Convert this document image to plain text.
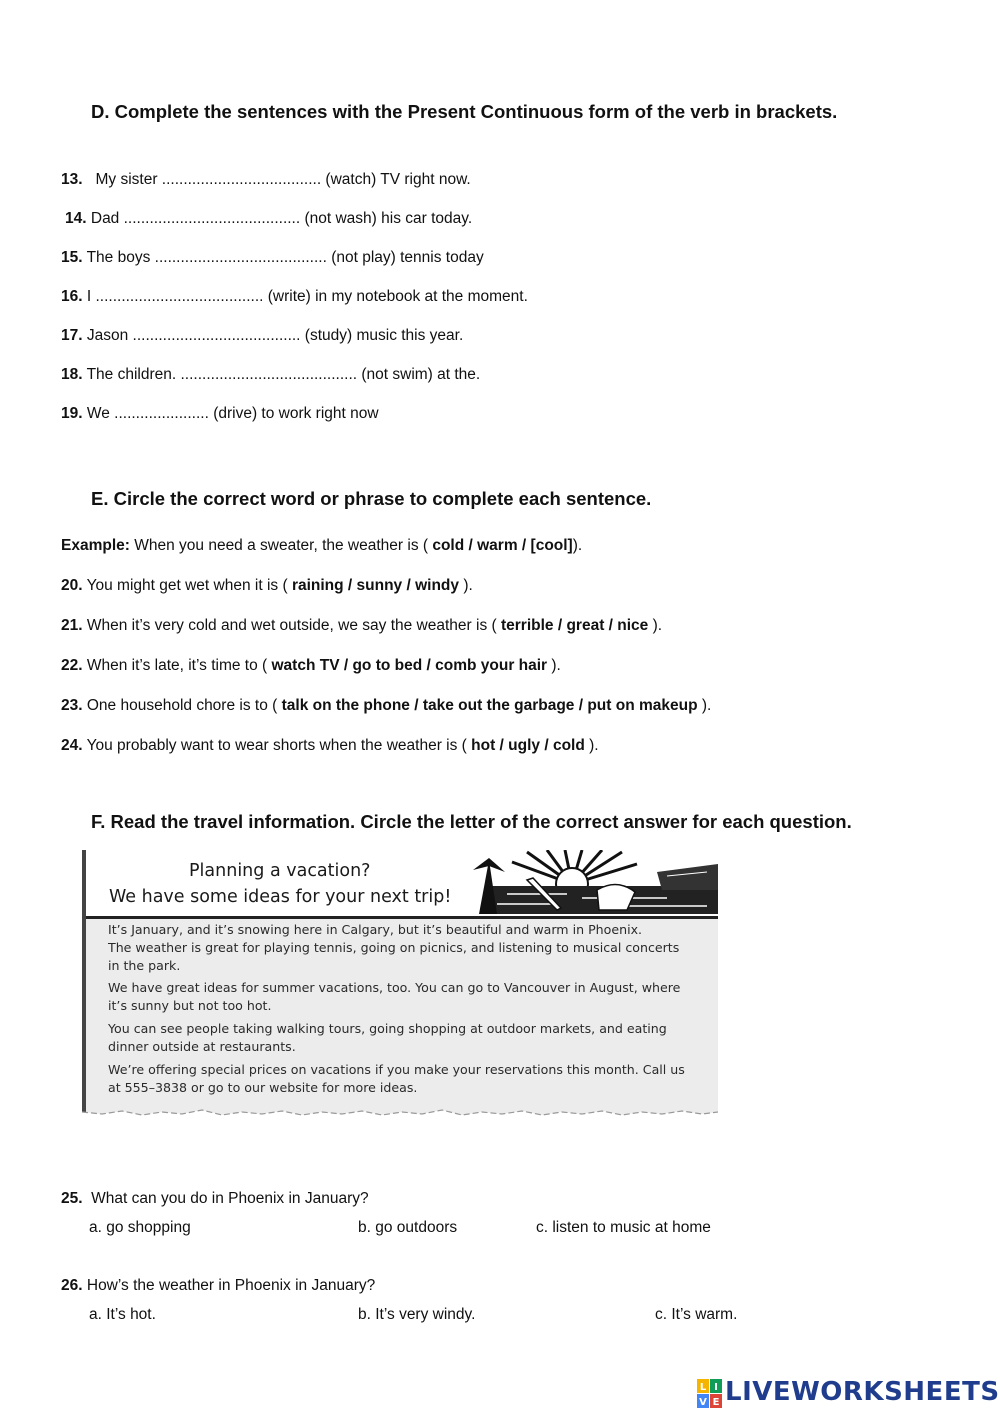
D. Complete the sentences with the Present Continuous form of the verb in brackets.
13.   My sister ..................................... (watch) TV right now.
14. Dad ......................................... (not wash) his car today.
15. The boys ........................................ (not play) tennis today
16. I ....................................... (write) in my notebook at the moment.
17. Jason ....................................... (study) music this year.
18. The children. ......................................... (not swim) at the.
19. We ...................... (drive) to work right now
E. Circle the correct word or phrase to complete each sentence.
Example: When you need a sweater, the weather is ( cold / warm / [cool]).
20. You might get wet when it is ( raining / sunny / windy ).
21. When it’s very cold and wet outside, we say the weather is ( terrible / great / nice ).
22. When it’s late, it’s time to ( watch TV / go to bed / comb your hair ).
23. One household chore is to ( talk on the phone / take out the garbage / put on makeup ).
24. You probably want to wear shorts when the weather is ( hot / ugly / cold ).
F. Read the travel information. Circle the letter of the correct answer for each question.
Planning a vacation?
We have some ideas for your next trip!
It’s January, and it’s snowing here in Calgary, but it’s beautiful and warm in Phoenix.
The weather is great for playing tennis, going on picnics, and listening to musical concerts
in the park.
We have great ideas for summer vacations, too. You can go to Vancouver in August, where
it’s sunny but not too hot.
You can see people taking walking tours, going shopping at outdoor markets, and eating
dinner outside at restaurants.
We’re offering special prices on vacations if you make your reservations this month. Call us
at 555–3838 or go to our website for more ideas.
25.  What can you do in Phoenix in January?
a. go shopping	b. go outdoors	c. listen to music at home
26. How’s the weather in Phoenix in January?
a. It’s hot.	b. It’s very windy.	c. It’s warm.
L I
V E LIVEWORKSHEETS
